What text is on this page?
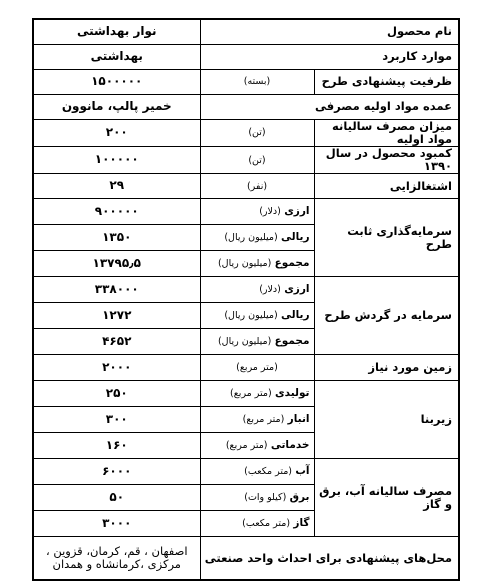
نام محصول		نوار بهداشتی
موارد کاربرد		بهداشتی
ظرفیت پیشنهادی طرح	(بسته)	۱۵۰۰۰۰۰
عمده مواد اولیه مصرفی		خمیر پالپ، مانوون
میزان مصرف سالیانه مواد اولیه	(تن)	۲۰۰
کمبود محصول در سال ۱۳۹۰	(تن)	۱۰۰۰۰۰
اشتغالزایی	(نفر)	۲۹
سرمایه‌گذاری ثابت طرح	ارزی (دلار)	۹۰۰۰۰۰
	ریالی (میلیون ریال)	۱۳۵۰
	مجموع (میلیون ریال)	۱۳۷۹۵٫۵
سرمایه در گردش طرح	ارزی (دلار)	۳۳۸۰۰۰
	ریالی (میلیون ریال)	۱۲۷۲
	مجموع (میلیون ریال)	۴۶۵۲
زمین مورد نیاز	(متر مربع)	۲۰۰۰
زیربنا	تولیدی (متر مربع)	۲۵۰
	انبار (متر مربع)	۳۰۰
	خدماتی (متر مربع)	۱۶۰
مصرف سالیانه آب، برق و گاز	آب (متر مکعب)	۶۰۰۰
	برق (کیلو وات)	۵۰
	گاز (متر مکعب)	۳۰۰۰
محل‌های پیشنهادی برای احداث واحد صنعتی		اصفهان ، قم، کرمان، قزوین ،
مرکزی ،کرمانشاه و همدان
